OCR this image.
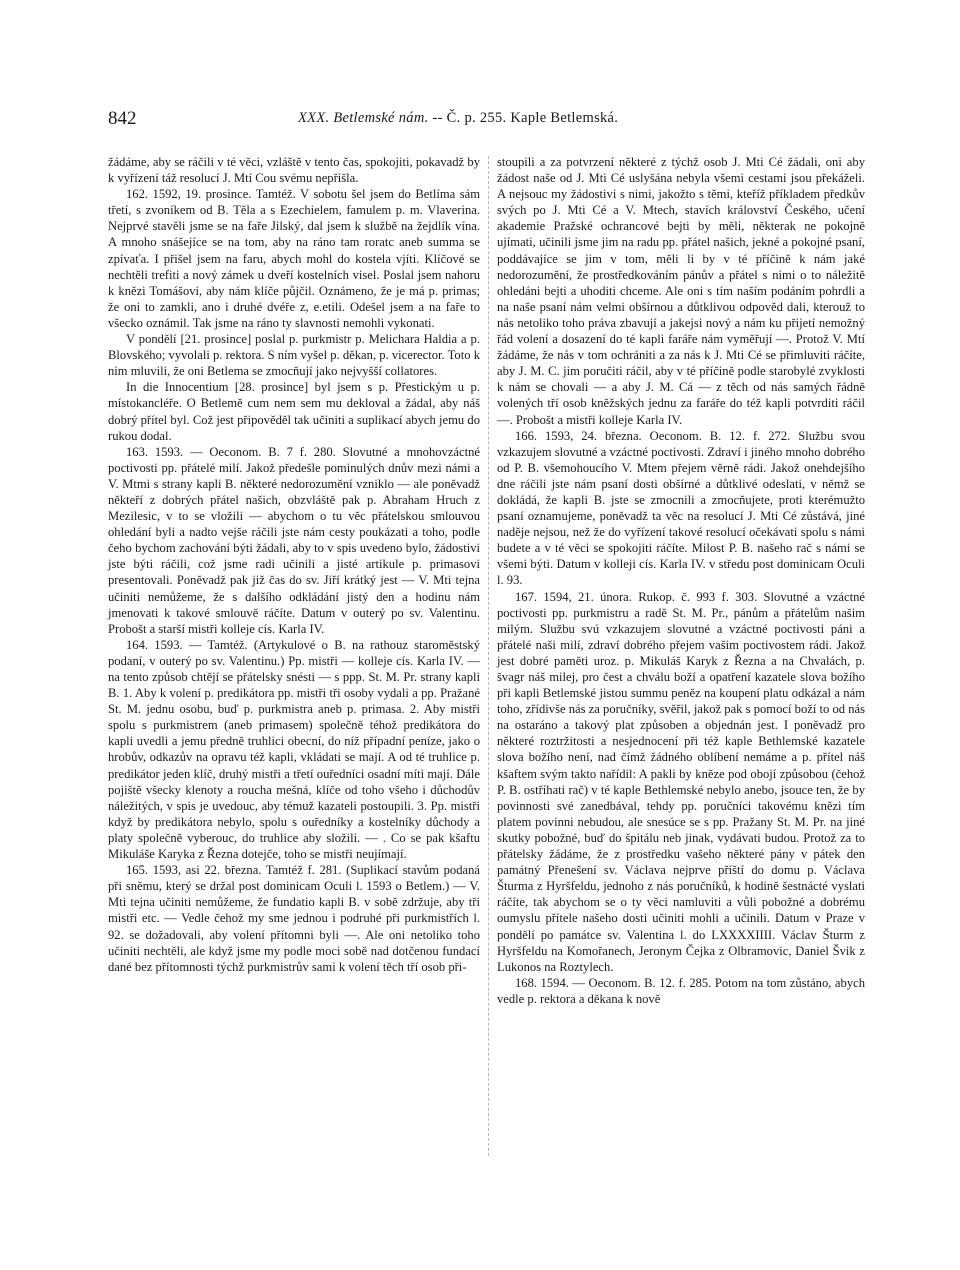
842	XXX. Betlemské nám. -- Č. p. 255. Kaple Betlemská.

žádáme, aby se ráčili v té věci, vzláště v tento čas, spokojiti, pokavadž by k vyřízení táž resolucí J. Mtí Cou svému nepřišla.

162. 1592, 19. prosince. Tamtéž. V sobotu šel jsem do Betlíma sám třetí, s zvoníkem od B. Těla a s Ezechielem, famulem p. m. Vlaverina. Nejprvé stavěli jsme se na faře Jilský, dal jsem k službě na žejdlík vína. A mnoho snášejíce se na tom, aby na ráno tam roratc aneb summa se zpívaťa. I přišel jsem na faru, abych mohl do kostela vjíti. Klíčové se nechtěli trefiti a nový zámek u dveří kostelních visel. Poslal jsem nahoru k knězi Tomášovi, aby nám klíče půjčil. Oznámeno, že je má p. primas; že oni to zamkli, ano i druhé dvéře z, e.etili. Odešel jsem a na faře to všecko oznámil. Tak jsme na ráno ty slavnosti nemohli vykonati.

V pondělí [21. prosince] poslal p. purkmistr p. Melichara Haldia a p. Blovského; vyvolali p. rektora. S ním vyšel p. děkan, p. vicerector. Toto k nim mluvili, že oni Betlema se zmocňují jako nejvyšší collatores.

In die Innocentium [28. prosince] byl jsem s p. Přestickým u p. místokancléře. O Betlemě cum nem sem mu dekloval a žádal, aby náš dobrý přítel byl. Což jest připověděl tak učiniti a suplikací abych jemu do rukou dodal.

163. 1593. — Oeconom. B. 7 f. 280. Slovutné a mnohovzáctné poctivosti pp. přátelé milí. Jakož předešle pominulých dnův mezi námi a V. Mtmi s strany kapli B. některé nedorozumění vzniklo — ale poněvadž někteří z dobrých přátel našich, obzvláště pak p. Abraham Hruch z Mezilesic, v to se vložili — abychom o tu věc přátelskou smlouvou ohledání byli a nadto vejše ráčili jste nám cesty poukázati a toho, podle čeho bychom zachování býti žádali, aby to v spis uvedeno bylo, žádostivi jste býti ráčili, což jsme radi učinili a jisté artikule p. primasovi presentovali. Poněvadž pak již čas do sv. Jiří krátký jest — V. Mti tejna učiniti nemůžeme, že s dalšího odkládání jistý den a hodinu nám jmenovati k takové smlouvě ráčíte. Datum v outerý po sv. Valentinu. Probošt a starší mistři kolleje cís. Karla IV.

164. 1593. — Tamtéž. (Artykulové o B. na rathouz staroměstský podaní, v outerý po sv. Valentinu.) Pp. mistři — kolleje cís. Karla IV. — na tento způsob chtějí se přátelsky snésti — s ppp. St. M. Pr. strany kapli B. 1. Aby k volení p. predikátora pp. mistři tři osoby vydali a pp. Pražané St. M. jednu osobu, buď p. purkmistra aneb p. primasa. 2. Aby mistři spolu s purkmistrem (aneb primasem) společně téhož predikátora do kapli uvedli a jemu předně truhlici obecní, do níž případní peníze, jako o hrobův, odkazův na opravu též kapli, vkládati se mají. A od té truhlice p. predikátor jeden klíč, druhý mistři a třetí ouředníci osadní míti mají. Dále pojiště všecky klenoty a roucha mešná, klíče od toho všeho i důchodův náležitých, v spis je uvedouc, aby témuž kazateli postoupili. 3. Pp. mistři když by predikátora nebylo, spolu s ouředníky a kostelníky důchody a platy společně vyberouc, do truhlice aby složili. — . Co se pak kšaftu Mikuláše Karyka z Řezna dotejče, toho se mistři neujímají.

165. 1593, asi 22. března. Tamtéž f. 281. (Suplikací stavům podaná při sněmu, který se držal post dominicam Oculi l. 1593 o Betlem.) — V. Mti tejna učiniti nemůžeme, že fundatio kapli B. v sobě zdržuje, aby tři mistři etc. — Vedle čehož my sme jednou i podruhé při purkmistřích l. 92. se dožadovali, aby volení přítomni byli —. Ale oni netoliko toho učiniti nechtěli, ale když jsme my podle moci sobě nad dotčenou fundací dané bez přítomnosti týchž purkmistrův sami k volení těch tří osob při-

stoupili a za potvrzení některé z týchž osob J. Mti Cé žádali, oni aby žádost naše od J. Mti Cé uslyšána nebyla všemi cestami jsou překáželi. A nejsouc my žádostivi s nimi, jakožto s těmi, kteříž příkladem předkův svých po J. Mti Cé a V. Mtech, stavích království Českého, učení akademie Pražské ochrancové bejti by měli, některak ne pokojně ujímati, učinili jsme jim na radu pp. přátel našich, jekné a pokojné psaní, poddávajíce se jim v tom, měli li by v té příčině k nám jaké nedorozumění, že prostředkováním pánův a přátel s nimi o to náležitě ohledáni bejti a uhoditi chceme. Ale oni s tím naším podáním pohrdli a na naše psaní nám velmi obšírnou a důtklivou odpověd dali, kterouž to nás netoliko toho práva zbavují a jakejsi nový a nám ku přijetí nemožný řád volení a dosazení do té kapli faráře nám vyměřují —. Protož V. Mtí žádáme, že nás v tom ochrániti a za nás k J. Mti Cé se přimluviti ráčíte, aby J. M. C. jim poručiti ráčil, aby v té příčině podle starobylé zvyklosti k nám se chovali — a aby J. M. Cá — z těch od nás samých řádně volených tří osob kněžských jednu za faráře do též kapli potvrditi ráčil —. Probošt a mistři kolleje Karla IV.

166. 1593, 24. března. Oeconom. B. 12. f. 272. Službu svou vzkazujem slovutné a vzáctné poctivosti. Zdraví i jiného mnoho dobrého od P. B. všemohoucího V. Mtem přejem věrně rádi. Jakož onehdejšího dne ráčili jste nám psaní dosti obšírné a důtklivé odeslati, v němž se dokládá, že kapli B. jste se zmocnili a zmocňujete, proti kterémužto psaní oznamujeme, poněvadž ta věc na resolucí J. Mti Cé zůstává, jiné naděje nejsou, než že do vyřízení takové resolucí očekávati spolu s námi budete a v té věci se spokojiti ráčíte. Milost P. B. našeho rač s námi se všemi býti. Datum v kolleji cís. Karla IV. v středu post dominicam Oculi l. 93.

167. 1594, 21. února. Rukop. č. 993 f. 303. Slovutné a vzáctné poctivosti pp. purkmistru a radě St. M. Pr., pánům a přátelům našim milým. Službu svú vzkazujem slovutné a vzáctné poctivosti páni a přátelé naši milí, zdraví dobrého přejem vašim poctivostem rádi. Jakož jest dobré paměti uroz. p. Mikuláš Karyk z Řezna a na Chvalách, p. švagr náš milej, pro čest a chválu boží a opatření kazatele slova božího při kapli Betlemské jistou summu peněz na koupení platu odkázal a nám toho, zřídivše nás za poručníky, svěřil, jakož pak s pomocí boží to od nás na ostaráno a takový plat způsoben a objednán jest. I poněvadž pro některé roztržitosti a nesjednocení při též kaple Bethlemské kazatele slova božího není, nad čímž žádného oblíbení nemáme a p. přítel náš kšaftem svým takto nařídil: A pakli by kněze pod obojí způsobou (čehož P. B. ostříhati rač) v té kaple Bethlemské nebylo anebo, jsouce ten, že by povinnosti své zanedbával, tehdy pp. poručníci takovému knězi tím platem povinni nebudou, ale snesúce se s pp. Pražany St. M. Pr. na jiné skutky pobožné, buď do špitálu neb jinak, vydávati budou. Protož za to přátelsky žádáme, že z prostředku vašeho některé pány v pátek den památný Přenešení sv. Václava nejprve příští do domu p. Václava Šturma z Hyršfeldu, jednoho z nás poručníků, k hodině šestnácté vyslati ráčíte, tak abychom se o ty věci namluviti a vůli pobožné a dobrému oumyslu přítele našeho dosti učiniti mohli a učinili. Datum v Praze v pondělí po památce sv. Valentina l. do LXXXXIIII. Václav Šturm z Hyršfeldu na Komořanech, Jeronym Čejka z Olbramovic, Daniel Švik z Lukonos na Roztylech.

168. 1594. — Oeconom. B. 12. f. 285. Potom na tom zůstáno, abych vedle p. rektora a děkana k nově
